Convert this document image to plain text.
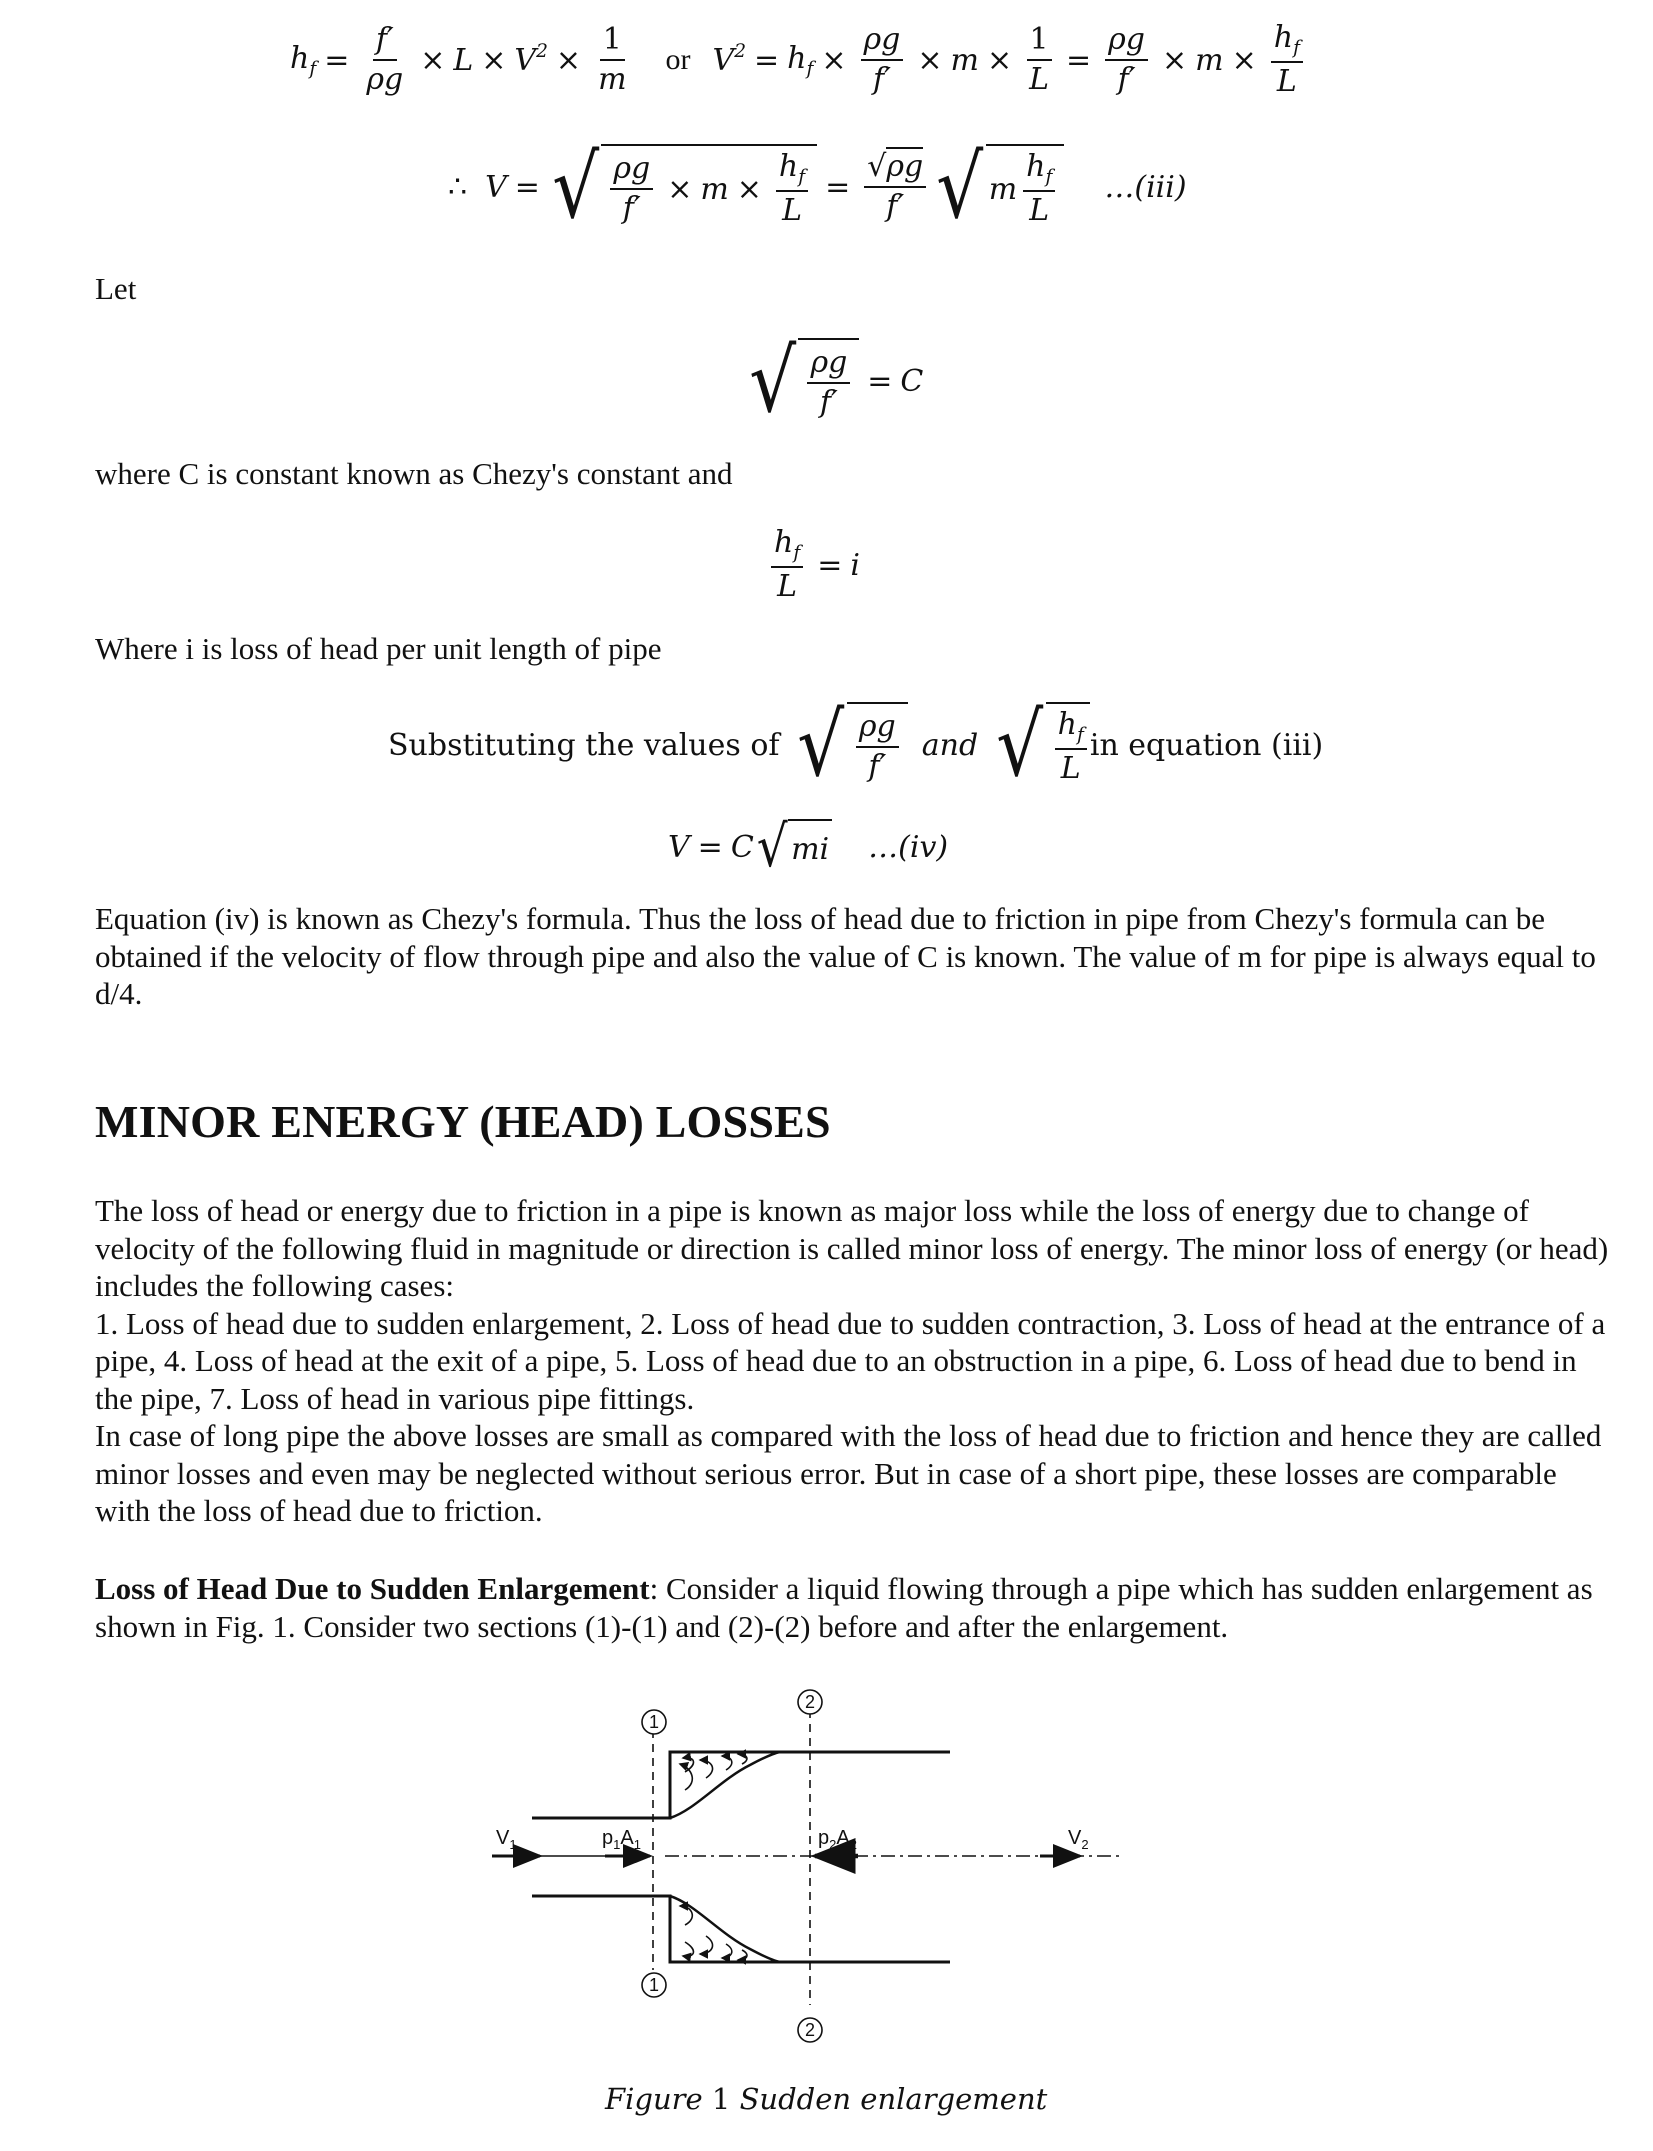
$h_f = \frac{f'}{\rho g} \times L \times V^2 \times \frac{1}{m}$ or $V^2 = h_f \times \frac{\rho g}{f'} \times m \times \frac{1}{L} = \frac{\rho g}{f'} \times m \times \frac{h_f}{L}$
∴ V = √ $\frac{\rho g}{f'} \times m \times \frac{h_f}{L} = \frac{√\rho g}{f'}$ √ m $\frac{h_f}{L}$ …(iii)
Let
√ $\frac{\rho g}{f'} = C$
where C is constant known as Chezy's constant and
$\frac{h_f}{L} = i$
Where i is loss of head per unit length of pipe
Substituting the values of √ $\frac{\rho g}{f'}$ and √ $\frac{h_f}{L}$ in equation (iii)
V = C √ mi …(iv)
Equation (iv) is known as Chezy's formula. Thus the loss of head due to friction in pipe from Chezy's formula can be obtained if the velocity of flow through pipe and also the value of C is known. The value of m for pipe is always equal to d/4.
MINOR ENERGY (HEAD) LOSSES
The loss of head or energy due to friction in a pipe is known as major loss while the loss of energy due to change of velocity of the following fluid in magnitude or direction is called minor loss of energy. The minor loss of energy (or head) includes the following cases:
1. Loss of head due to sudden enlargement, 2. Loss of head due to sudden contraction, 3. Loss of head at the entrance of a pipe, 4. Loss of head at the exit of a pipe, 5. Loss of head due to an obstruction in a pipe, 6. Loss of head due to bend in the pipe, 7. Loss of head in various pipe fittings.
In case of long pipe the above losses are small as compared with the loss of head due to friction and hence they are called minor losses and even may be neglected without serious error. But in case of a short pipe, these losses are comparable with the loss of head due to friction.
Loss of Head Due to Sudden Enlargement: Consider a liquid flowing through a pipe which has sudden enlargement as shown in Fig. 1. Consider two sections (1)-(1) and (2)-(2) before and after the enlargement.
1
1
2
2
$V_1$	$p_1A_1$	$p_2A_2$	$V_2$
Figure 1 Sudden enlargement
